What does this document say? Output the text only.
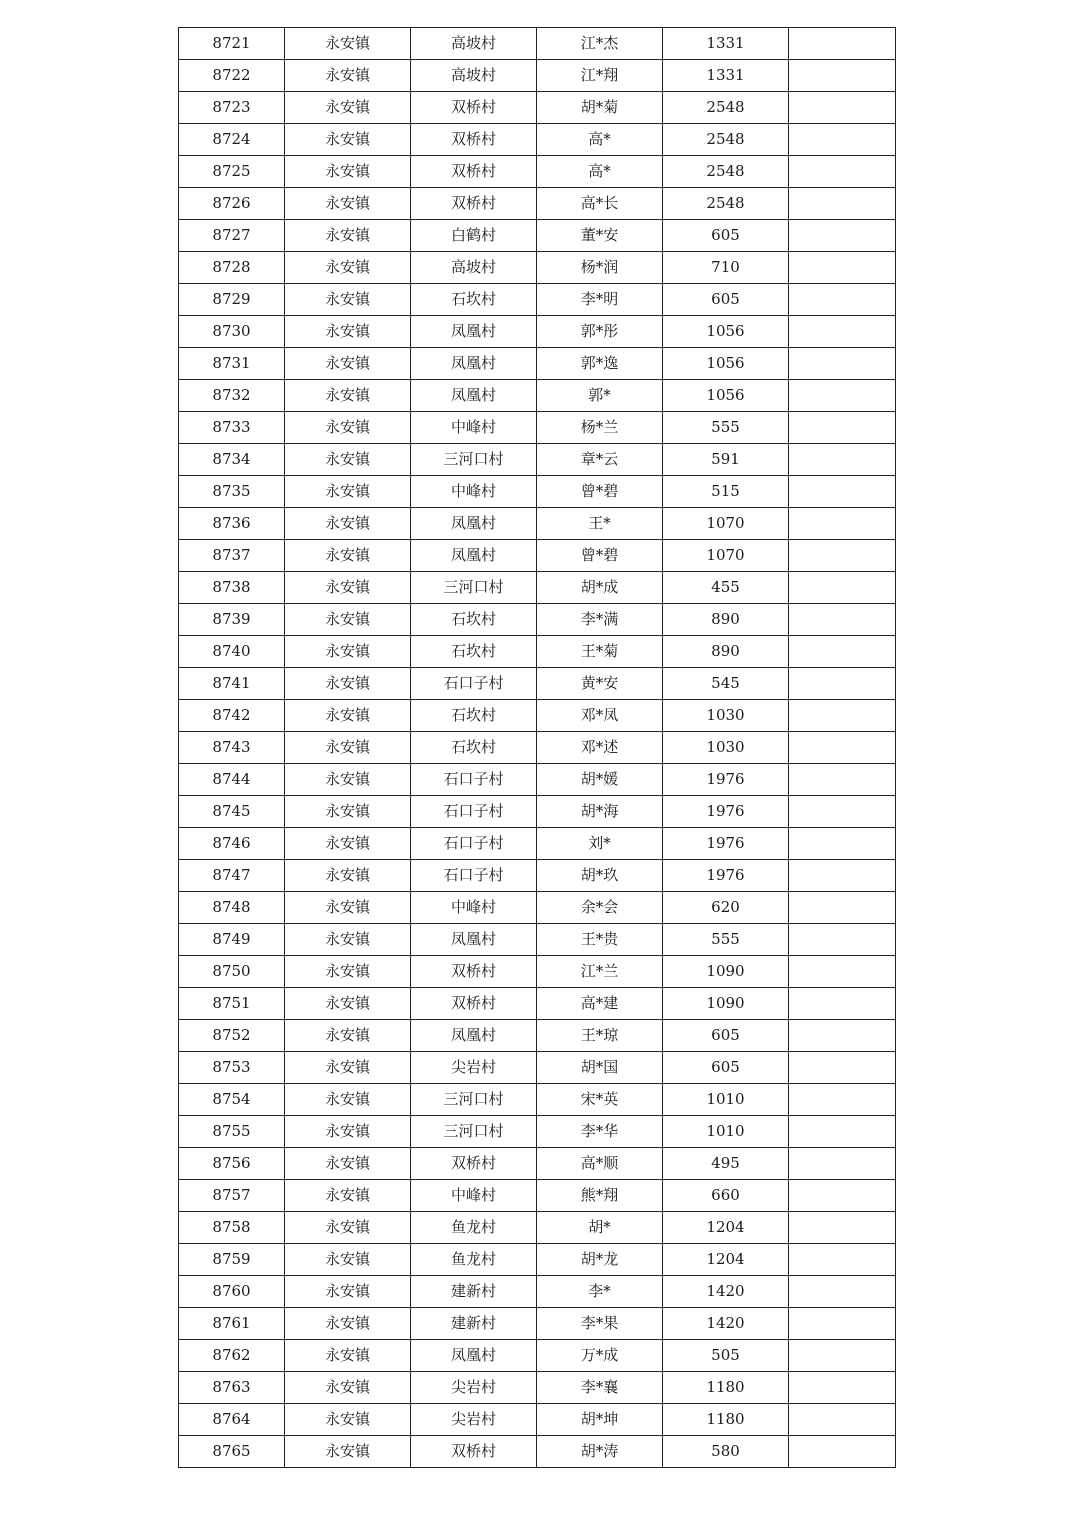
8721	永安镇	高坡村	江*杰	1331	
8722	永安镇	高坡村	江*翔	1331	
8723	永安镇	双桥村	胡*菊	2548	
8724	永安镇	双桥村	高*	2548	
8725	永安镇	双桥村	高*	2548	
8726	永安镇	双桥村	高*长	2548	
8727	永安镇	白鹤村	董*安	605	
8728	永安镇	高坡村	杨*润	710	
8729	永安镇	石坎村	李*明	605	
8730	永安镇	凤凰村	郭*彤	1056	
8731	永安镇	凤凰村	郭*逸	1056	
8732	永安镇	凤凰村	郭*	1056	
8733	永安镇	中峰村	杨*兰	555	
8734	永安镇	三河口村	章*云	591	
8735	永安镇	中峰村	曾*碧	515	
8736	永安镇	凤凰村	王*	1070	
8737	永安镇	凤凰村	曾*碧	1070	
8738	永安镇	三河口村	胡*成	455	
8739	永安镇	石坎村	李*满	890	
8740	永安镇	石坎村	王*菊	890	
8741	永安镇	石口子村	黄*安	545	
8742	永安镇	石坎村	邓*凤	1030	
8743	永安镇	石坎村	邓*述	1030	
8744	永安镇	石口子村	胡*媛	1976	
8745	永安镇	石口子村	胡*海	1976	
8746	永安镇	石口子村	刘*	1976	
8747	永安镇	石口子村	胡*玖	1976	
8748	永安镇	中峰村	余*会	620	
8749	永安镇	凤凰村	王*贵	555	
8750	永安镇	双桥村	江*兰	1090	
8751	永安镇	双桥村	高*建	1090	
8752	永安镇	凤凰村	王*琼	605	
8753	永安镇	尖岩村	胡*国	605	
8754	永安镇	三河口村	宋*英	1010	
8755	永安镇	三河口村	李*华	1010	
8756	永安镇	双桥村	高*顺	495	
8757	永安镇	中峰村	熊*翔	660	
8758	永安镇	鱼龙村	胡*	1204	
8759	永安镇	鱼龙村	胡*龙	1204	
8760	永安镇	建新村	李*	1420	
8761	永安镇	建新村	李*果	1420	
8762	永安镇	凤凰村	万*成	505	
8763	永安镇	尖岩村	李*襄	1180	
8764	永安镇	尖岩村	胡*坤	1180	
8765	永安镇	双桥村	胡*涛	580	
